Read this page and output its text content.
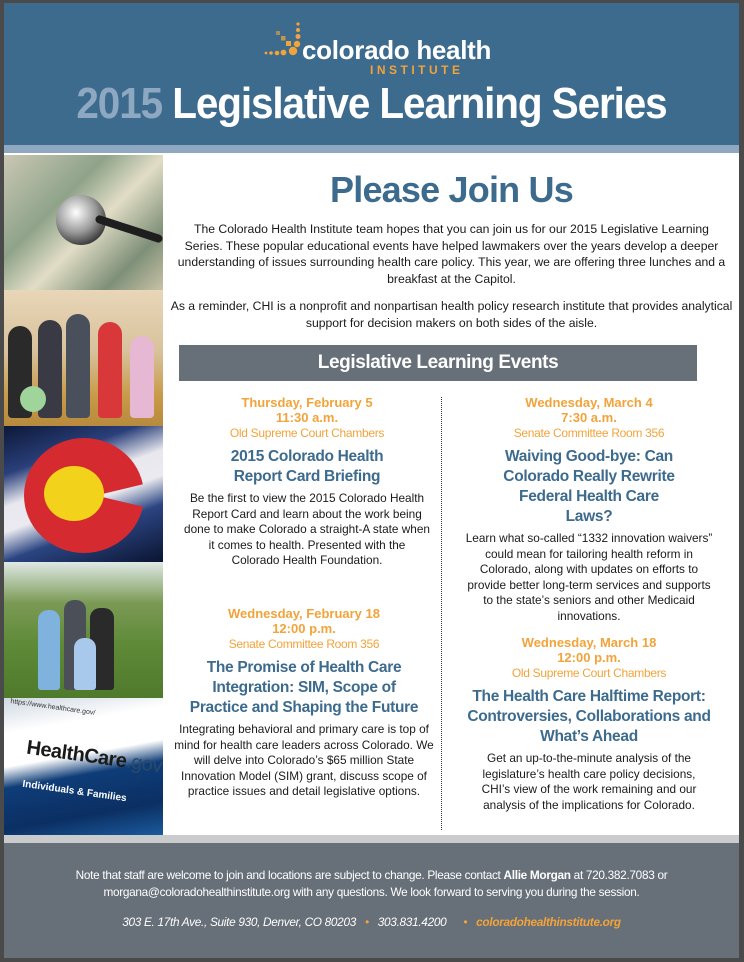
colorado health
INSTITUTE
2015 Legislative Learning Series
https://www.healthcare.gov/
HealthCare.gov
Individuals & Families
Please Join Us

The Colorado Health Institute team hopes that you can join us for our 2015 Legislative Learning Series. These popular educational events have helped lawmakers over the years develop a deeper understanding of issues surrounding health care policy. This year, we are offering three lunches and a breakfast at the Capitol.

As a reminder, CHI is a nonprofit and nonpartisan health policy research institute that provides analytical support for decision makers on both sides of the aisle.

Legislative Learning Events
Thursday, February 5
11:30 a.m.
Old Supreme Court Chambers
2015 Colorado Health Report Card Briefing
Be the first to view the 2015 Colorado Health Report Card and learn about the work being done to make Colorado a straight-A state when it comes to health. Presented with the Colorado Health Foundation.
Wednesday, February 18
12:00 p.m.
Senate Committee Room 356
The Promise of Health Care Integration: SIM, Scope of Practice and Shaping the Future
Integrating behavioral and primary care is top of mind for health care leaders across Colorado. We will delve into Colorado’s $65 million State Innovation Model (SIM) grant, discuss scope of practice issues and detail legislative options.
Wednesday, March 4
7:30 a.m.
Senate Committee Room 356
Waiving Good-bye: Can Colorado Really Rewrite Federal Health Care Laws?
Learn what so-called “1332 innovation waivers” could mean for tailoring health reform in Colorado, along with updates on efforts to provide better long-term services and supports to the state’s seniors and other Medicaid innovations.
Wednesday, March 18
12:00 p.m.
Old Supreme Court Chambers
The Health Care Halftime Report: Controversies, Collaborations and What’s Ahead
Get an up-to-the-minute analysis of the legislature’s health care policy decisions, CHI’s view of the work remaining and our analysis of the implications for Colorado.

Note that staff are welcome to join and locations are subject to change. Please contact Allie Morgan at 720.382.7083 or morgana@coloradohealthinstitute.org with any questions. We look forward to serving you during the session.

303 E. 17th Ave., Suite 930, Denver, CO 80203 • 303.831.4200 • coloradohealthinstitute.org
